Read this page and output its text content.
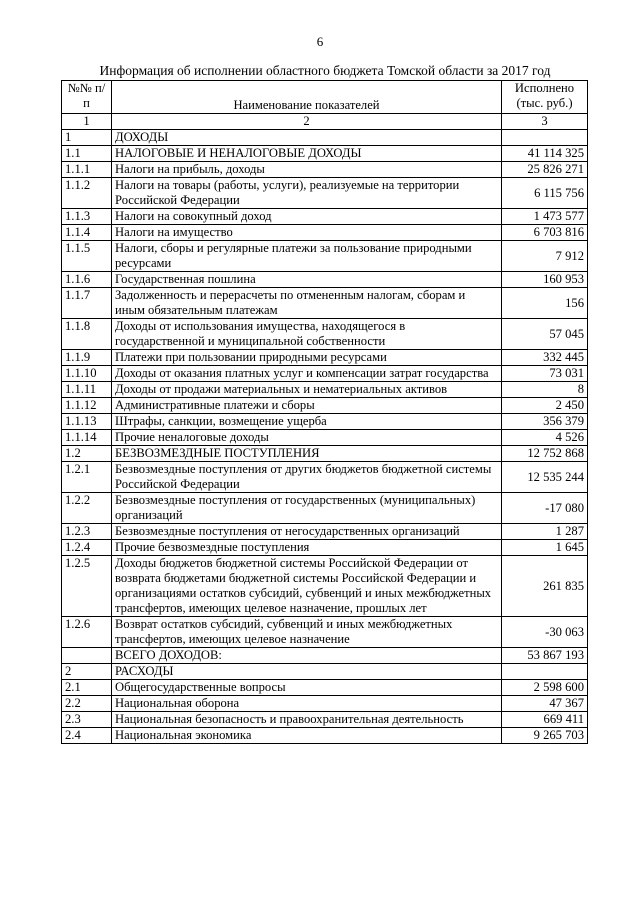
6
Информация об исполнении областного бюджета Томской области за 2017 год
№№ п/п	Наименование показателей	Исполнено (тыс. руб.)
1	2	3
1	ДОХОДЫ	
1.1	НАЛОГОВЫЕ И НЕНАЛОГОВЫЕ ДОХОДЫ	41 114 325
1.1.1	Налоги на прибыль, доходы	25 826 271
1.1.2	Налоги на товары (работы, услуги), реализуемые на территории Российской Федерации	6 115 756
1.1.3	Налоги на совокупный доход	1 473 577
1.1.4	Налоги на имущество	6 703 816
1.1.5	Налоги, сборы и регулярные платежи за пользование природными ресурсами	7 912
1.1.6	Государственная пошлина	160 953
1.1.7	Задолженность и перерасчеты по отмененным налогам, сборам и иным обязательным платежам	156
1.1.8	Доходы от использования имущества, находящегося в государственной и муниципальной собственности	57 045
1.1.9	Платежи при пользовании природными ресурсами	332 445
1.1.10	Доходы от оказания платных услуг и компенсации затрат государства	73 031
1.1.11	Доходы от продажи материальных и нематериальных активов	8
1.1.12	Административные платежи и сборы	2 450
1.1.13	Штрафы, санкции, возмещение ущерба	356 379
1.1.14	Прочие неналоговые доходы	4 526
1.2	БЕЗВОЗМЕЗДНЫЕ ПОСТУПЛЕНИЯ	12 752 868
1.2.1	Безвозмездные поступления от других бюджетов бюджетной системы Российской Федерации	12 535 244
1.2.2	Безвозмездные поступления от государственных (муниципальных) организаций	-17 080
1.2.3	Безвозмездные поступления от негосударственных организаций	1 287
1.2.4	Прочие безвозмездные поступления	1 645
1.2.5	Доходы бюджетов бюджетной системы Российской Федерации от возврата бюджетами бюджетной системы Российской Федерации и организациями остатков субсидий, субвенций и иных межбюджетных трансфертов, имеющих целевое назначение, прошлых лет	261 835
1.2.6	Возврат остатков субсидий, субвенций и иных межбюджетных трансфертов, имеющих целевое назначение	-30 063
	ВСЕГО ДОХОДОВ:	53 867 193
2	РАСХОДЫ	
2.1	Общегосударственные вопросы	2 598 600
2.2	Национальная оборона	47 367
2.3	Национальная безопасность и правоохранительная деятельность	669 411
2.4	Национальная экономика	9 265 703
